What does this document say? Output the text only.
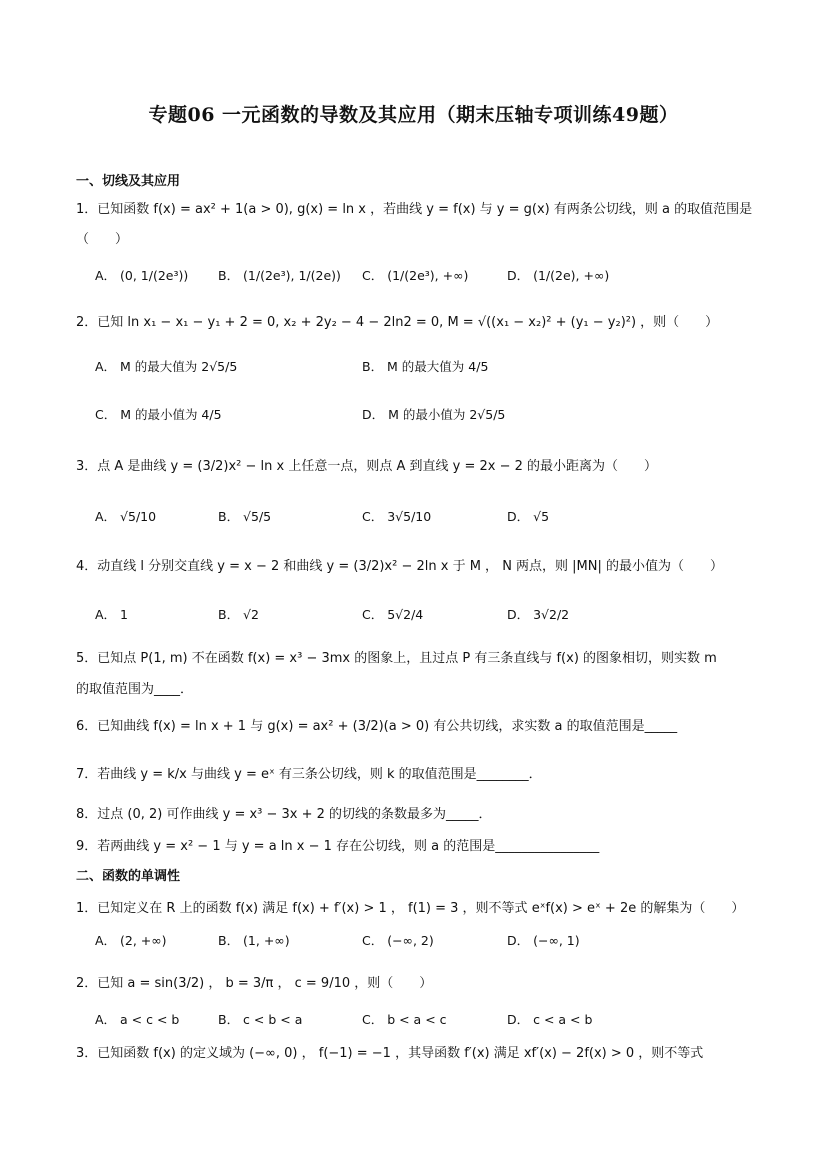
专题06 一元函数的导数及其应用（期末压轴专项训练49题）
一、切线及其应用
1．已知函数 f(x) = ax² + 1(a > 0), g(x) = ln x ，若曲线 y = f(x) 与 y = g(x) 有两条公切线，则 a 的取值范围是
（　　）
A． (0, 1/(2e³)) B． (1/(2e³), 1/(2e)) C． (1/(2e³), +∞)	D． (1/(2e), +∞)
2．已知 ln x₁ − x₁ − y₁ + 2 = 0, x₂ + 2y₂ − 4 − 2ln2 = 0, M = √((x₁ − x₂)² + (y₁ − y₂)²) ，则（　　）
A． M 的最大值为 2√5/5	B． M 的最大值为 4/5
C． M 的最小值为 4/5	D． M 的最小值为 2√5/5
3．点 A 是曲线 y = (3/2)x² − ln x 上任意一点，则点 A 到直线 y = 2x − 2 的最小距离为（　　）
A． √5/10	B． √5/5	C． 3√5/10	D． √5
4．动直线 l 分别交直线 y = x − 2 和曲线 y = (3/2)x² − 2ln x 于 M ， N 两点，则 |MN| 的最小值为（　　）
A． 1	B． √2	C． 5√2/4	D． 3√2/2
5．已知点 P(1, m) 不在函数 f(x) = x³ − 3mx 的图象上，且过点 P 有三条直线与 f(x) 的图象相切，则实数 m
的取值范围为____．
6．已知曲线 f(x) = ln x + 1 与 g(x) = ax² + (3/2)(a > 0) 有公共切线，求实数 a 的取值范围是_____
7．若曲线 y = k/x 与曲线 y = eˣ 有三条公切线，则 k 的取值范围是________．
8．过点 (0, 2) 可作曲线 y = x³ − 3x + 2 的切线的条数最多为_____．
9．若两曲线 y = x² − 1 与 y = a ln x − 1 存在公切线，则 a 的范围是________________
二、函数的单调性
1．已知定义在 R 上的函数 f(x) 满足 f(x) + f′(x) > 1 ， f(1) = 3 ，则不等式 eˣf(x) > eˣ + 2e 的解集为（　　）
A． (2, +∞)	B． (1, +∞)	C． (−∞, 2)	D． (−∞, 1)
2．已知 a = sin(3/2) ， b = 3/π ， c = 9/10 ，则（　　）
A． a < c < b	B． c < b < a	C． b < a < c	D． c < a < b
3．已知函数 f(x) 的定义域为 (−∞, 0) ， f(−1) = −1 ，其导函数 f′(x) 满足 xf′(x) − 2f(x) > 0 ，则不等式
